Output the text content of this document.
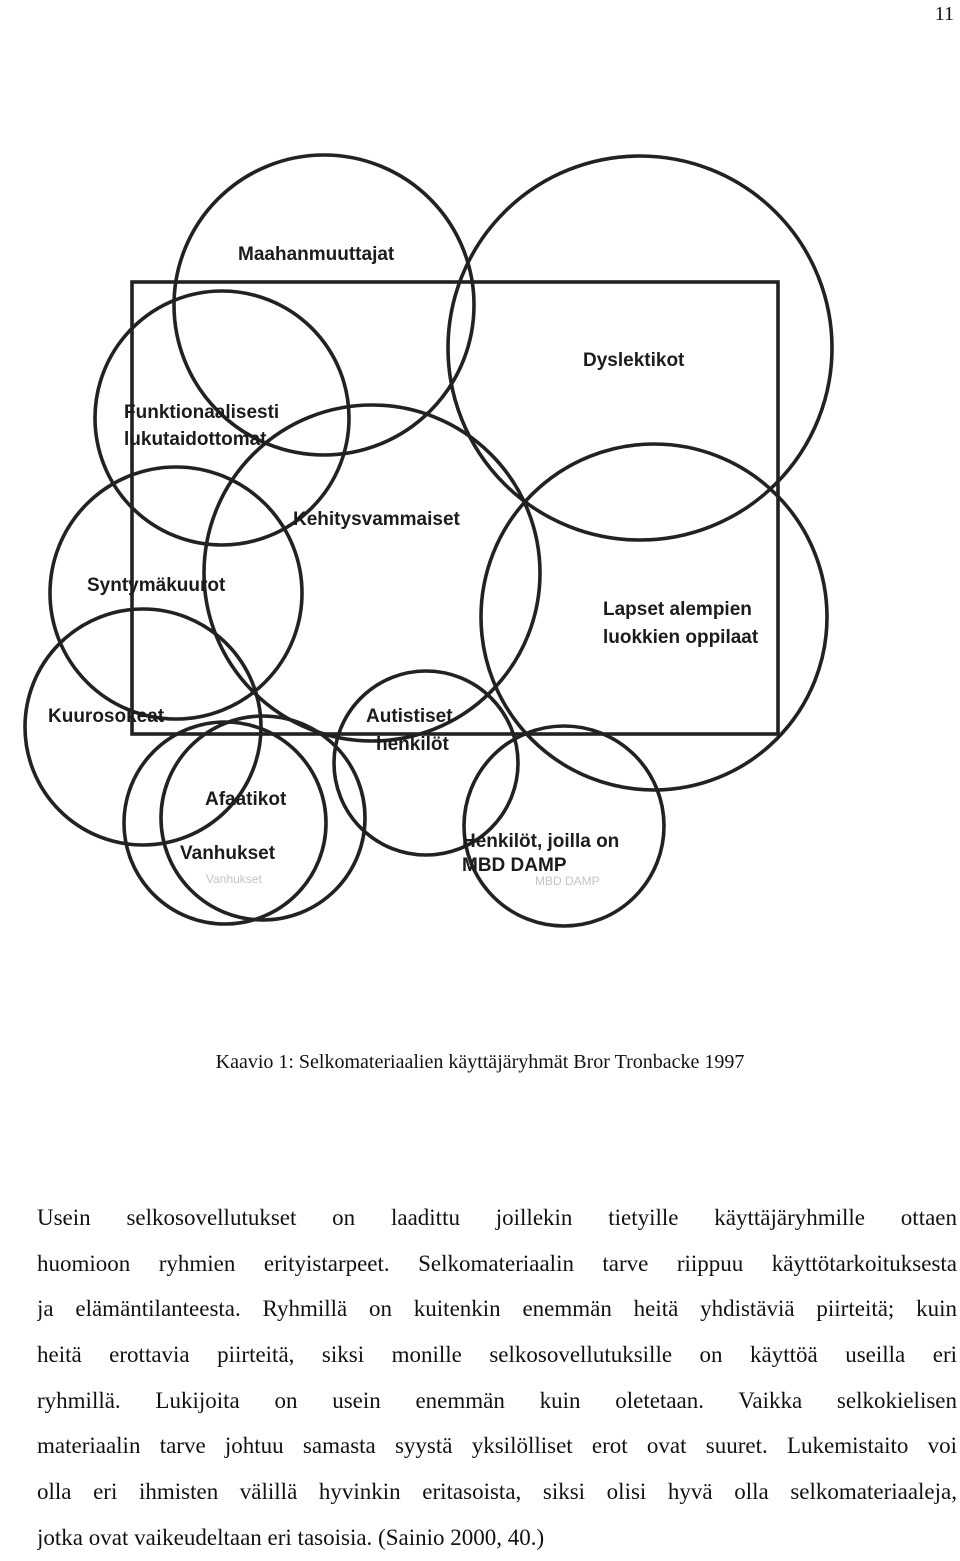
11
Maahanmuuttajat
Dyslektikot
Funktionaalisesti
lukutaidottomat
Kehitysvammaiset
Syntymäkuurot
Lapset alempien
luokkien oppilaat
Kuurosokeat	Autistiset
henkilöt
Afaatikot
Vanhukset
Henkilöt, joilla on
MBD DAMP
Vanhukset	MBD DAMP
Kaavio 1: Selkomateriaalien käyttäjäryhmät Bror Tronbacke 1997

Usein selkosovellutukset on laadittu joillekin tietyille käyttäjäryhmille ottaen
huomioon ryhmien erityistarpeet. Selkomateriaalin tarve riippuu käyttötarkoituksesta
ja elämäntilanteesta. Ryhmillä on kuitenkin enemmän heitä yhdistäviä piirteitä; kuin
heitä erottavia piirteitä, siksi monille selkosovellutuksille on käyttöä useilla eri
ryhmillä. Lukijoita on usein enemmän kuin oletetaan. Vaikka selkokielisen
materiaalin tarve johtuu samasta syystä yksilölliset erot ovat suuret. Lukemistaito voi
olla eri ihmisten välillä hyvinkin eritasoista, siksi olisi hyvä olla selkomateriaaleja,
jotka ovat vaikeudeltaan eri tasoisia. (Sainio 2000, 40.)
